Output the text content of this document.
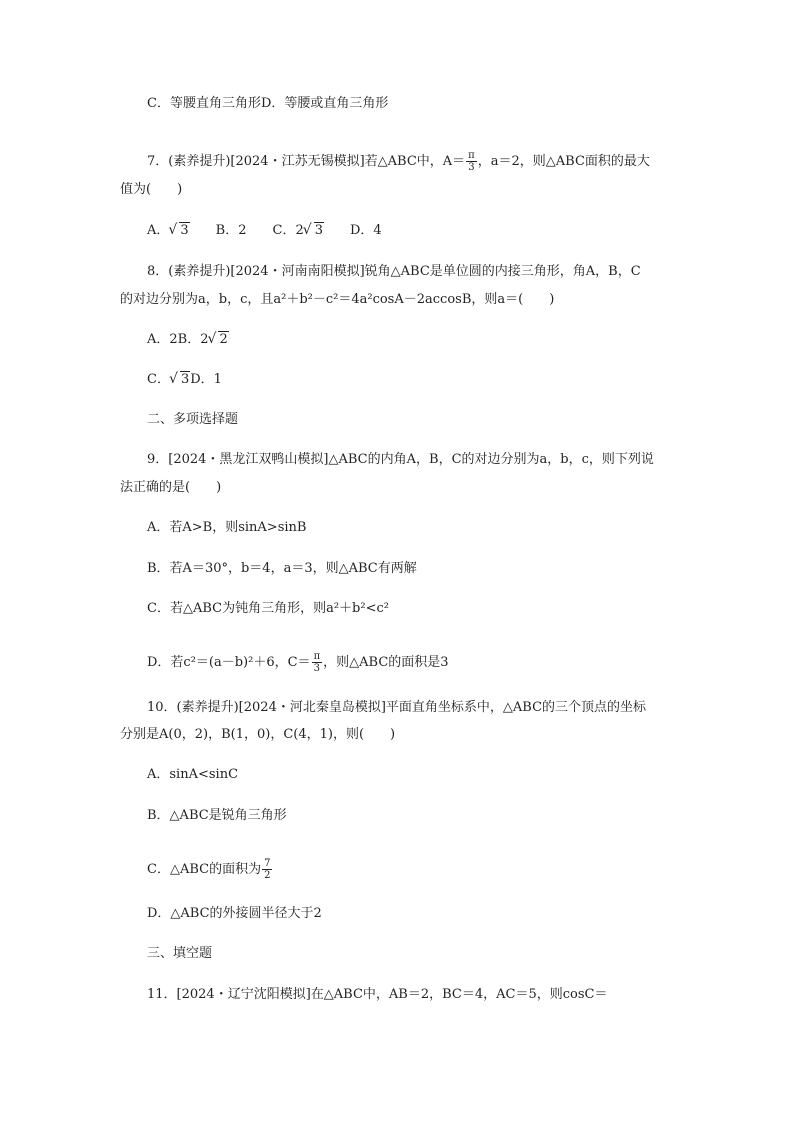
C．等腰直角三角形D．等腰或直角三角形
7．(素养提升)[2024・江苏无锡模拟]若△ABC中，$A= \frac{\pi}{3}$ ，a＝2，则△ABC面积的最大
值为(　　)
A． √ 3 B．2 C．2 √ 3 D．4
8．(素养提升)[2024・河南南阳模拟]锐角△ABC是单位圆的内接三角形，角A，B，C
的对边分别为a，b，c，且a²＋b²－c²＝4a²cosA－2accosB，则a＝(　　)
A．2B．2 √ 2
C． √ 3D．1
二、多项选择题
9．[2024・黑龙江双鸭山模拟]△ABC的内角A，B，C的对边分别为a，b，c，则下列说
法正确的是(　　)
A．若A>B，则sinA>sinB
B．若A＝30°，b＝4，a＝3，则△ABC有两解
C．若△ABC为钝角三角形，则a²＋b²<c²
D．若c²＝(a－b)²＋6，$C= \frac{\pi}{3}$ ，则△ABC的面积是3
10．(素养提升)[2024・河北秦皇岛模拟]平面直角坐标系中，△ABC的三个顶点的坐标
分别是A(0，2)，B(1，0)，C(4，1)，则(　　)
A．sinA<sinC
B．△ABC是锐角三角形
C．△ABC的面积为 $\frac{7}{2}$
D．△ABC的外接圆半径大于2
三、填空题
11．[2024・辽宁沈阳模拟]在△ABC中，AB＝2，BC＝4，AC＝5，则cosC＝
